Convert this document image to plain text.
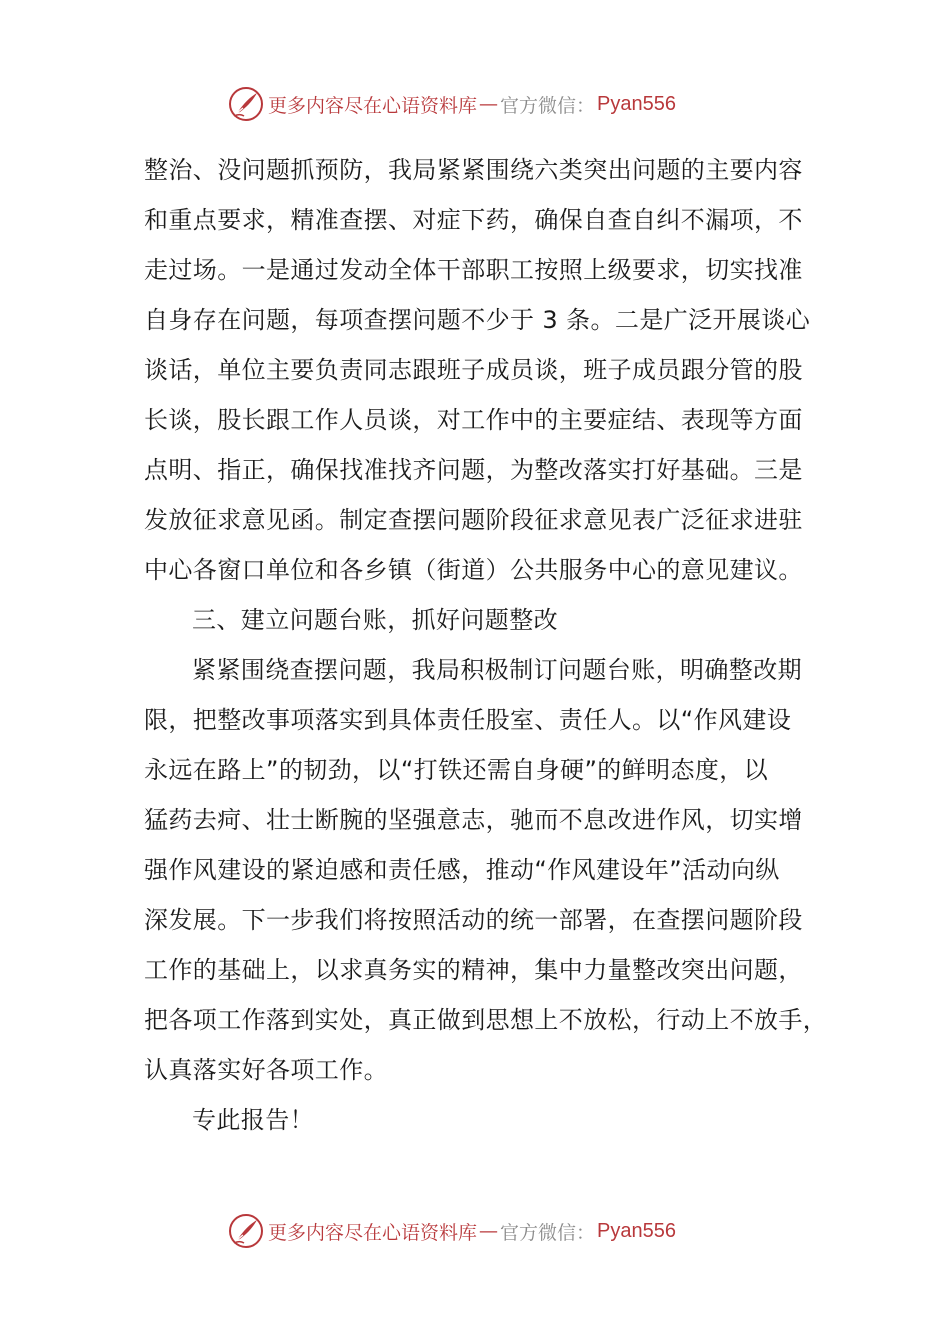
更多内容尽在心语资料库 — 官方微信： Pyan556
整治、没问题抓预防，我局紧紧围绕六类突出问题的主要内容
和重点要求，精准查摆、对症下药，确保自查自纠不漏项，不
走过场。一是通过发动全体干部职工按照上级要求，切实找准
自身存在问题，每项查摆问题不少于 3 条。二是广泛开展谈心
谈话，单位主要负责同志跟班子成员谈，班子成员跟分管的股
长谈，股长跟工作人员谈，对工作中的主要症结、表现等方面
点明、指正，确保找准找齐问题，为整改落实打好基础。三是
发放征求意见函。制定查摆问题阶段征求意见表广泛征求进驻
中心各窗口单位和各乡镇（街道）公共服务中心的意见建议。
三、建立问题台账，抓好问题整改
紧紧围绕查摆问题，我局积极制订问题台账，明确整改期
限，把整改事项落实到具体责任股室、责任人。以“作风建设
永远在路上”的韧劲，以“打铁还需自身硬”的鲜明态度，以
猛药去疴、壮士断腕的坚强意志，驰而不息改进作风，切实增
强作风建设的紧迫感和责任感，推动“作风建设年”活动向纵
深发展。下一步我们将按照活动的统一部署，在查摆问题阶段
工作的基础上，以求真务实的精神，集中力量整改突出问题，
把各项工作落到实处，真正做到思想上不放松，行动上不放手，
认真落实好各项工作。
专此报告！
更多内容尽在心语资料库 — 官方微信： Pyan556
